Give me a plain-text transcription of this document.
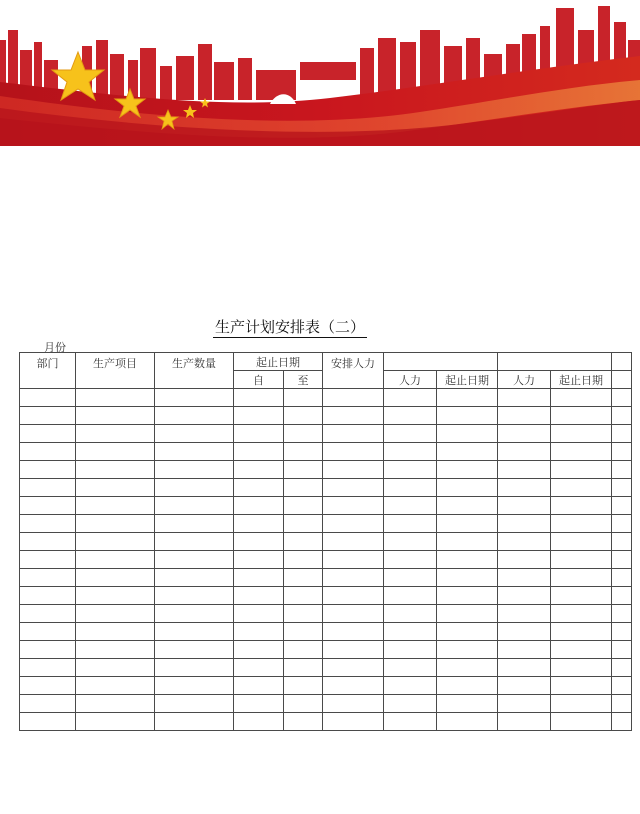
生产计划安排表（二）
月份
部门	生产项目	生产数量	起止日期		安排人力					
			自	至		人力	起止日期	人力	起止日期	
